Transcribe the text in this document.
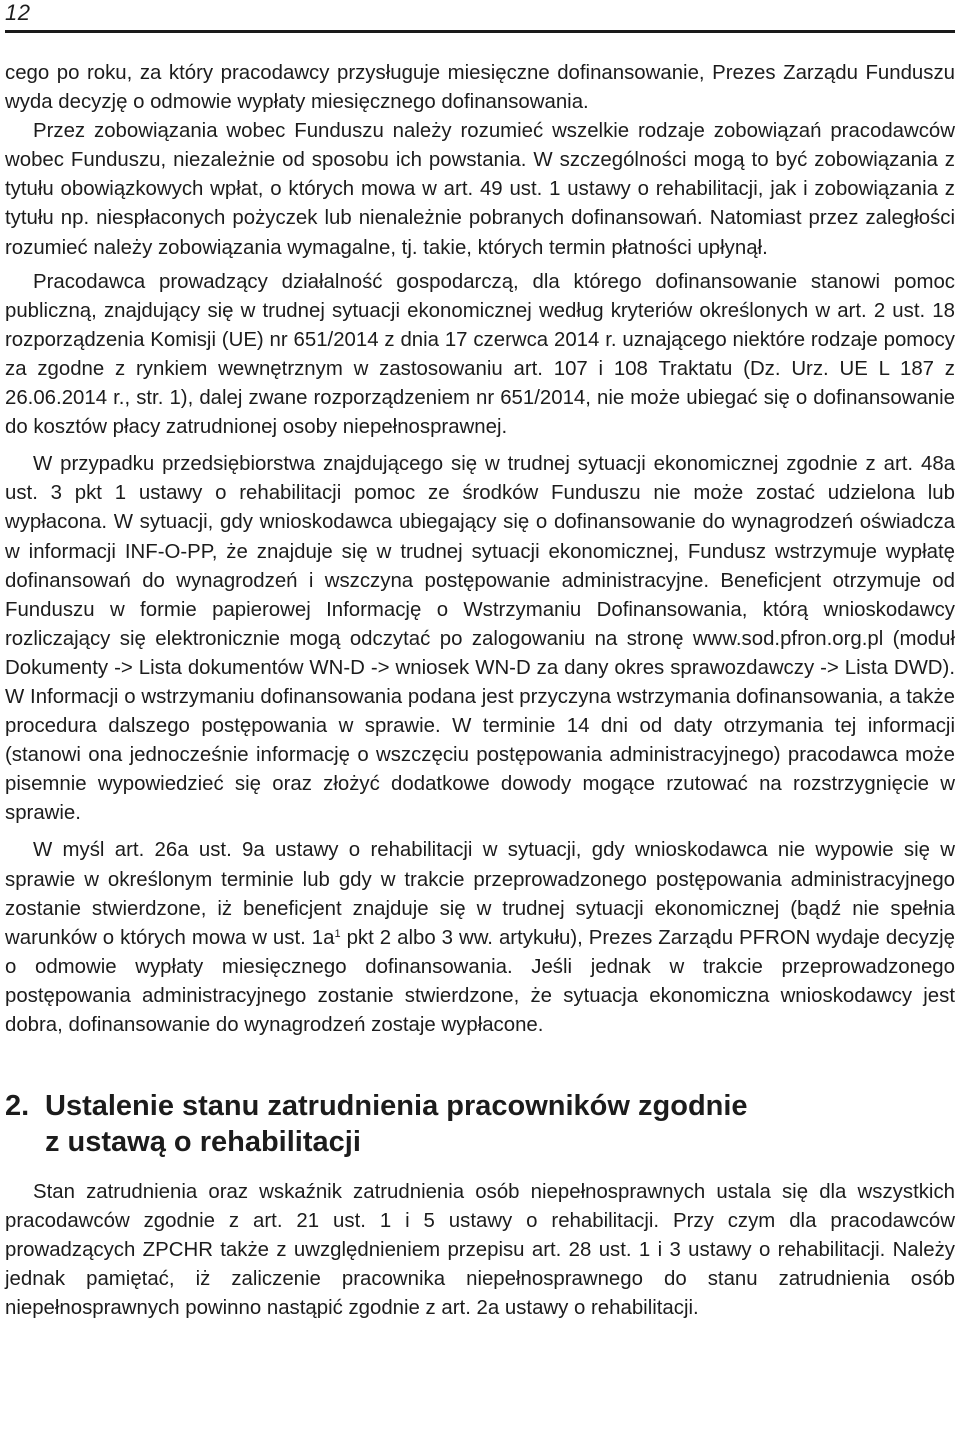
12

cego po roku, za który pracodawcy przysługuje miesięczne dofinansowanie, Prezes Zarządu Funduszu wyda decyzję o odmowie wypłaty miesięcznego dofinansowania.

Przez zobowiązania wobec Funduszu należy rozumieć wszelkie rodzaje zobowiązań pracodawców wobec Funduszu, niezależnie od sposobu ich powstania. W szczególności mogą to być zobowiązania z tytułu obowiązkowych wpłat, o których mowa w art. 49 ust. 1 ustawy o rehabilitacji, jak i zobowiązania z tytułu np. niespłaconych pożyczek lub nienależnie pobranych dofinansowań. Natomiast przez zaległości rozumieć należy zobowiązania wymagalne, tj. takie, których termin płatności upłynął.

Pracodawca prowadzący działalność gospodarczą, dla którego dofinansowanie stanowi pomoc publiczną, znajdujący się w trudnej sytuacji ekonomicznej według kryteriów określonych w art. 2 ust. 18 rozporządzenia Komisji (UE) nr 651/2014 z dnia 17 czerwca 2014 r. uznającego niektóre rodzaje pomocy za zgodne z rynkiem wewnętrznym w zastosowaniu art. 107 i 108 Traktatu (Dz. Urz. UE L 187 z 26.06.2014 r., str. 1), dalej zwane rozporządzeniem nr 651/2014, nie może ubiegać się o dofinansowanie do kosztów płacy zatrudnionej osoby niepełnosprawnej.

W przypadku przedsiębiorstwa znajdującego się w trudnej sytuacji ekonomicznej zgodnie z art. 48a ust. 3 pkt 1 ustawy o rehabilitacji pomoc ze środków Funduszu nie może zostać udzielona lub wypłacona. W sytuacji, gdy wnioskodawca ubiegający się o dofinansowanie do wynagrodzeń oświadcza w informacji INF-O-PP, że znajduje się w trudnej sytuacji ekonomicznej, Fundusz wstrzymuje wypłatę dofinansowań do wynagrodzeń i wszczyna postępowanie administracyjne. Beneficjent otrzymuje od Funduszu w formie papierowej Informację o Wstrzymaniu Dofinansowania, którą wnioskodawcy rozliczający się elektronicznie mogą odczytać po zalogowaniu na stronę www.sod.pfron.org.pl (moduł Dokumenty -> Lista dokumentów WN-D -> wniosek WN-D za dany okres sprawozdawczy -> Lista DWD). W Informacji o wstrzymaniu dofinansowania podana jest przyczyna wstrzymania dofinansowania, a także procedura dalszego postępowania w sprawie. W terminie 14 dni od daty otrzymania tej informacji (stanowi ona jednocześnie informację o wszczęciu postępowania administracyjnego) pracodawca może pisemnie wypowiedzieć się oraz złożyć dodatkowe dowody mogące rzutować na rozstrzygnięcie w sprawie.

W myśl art. 26a ust. 9a ustawy o rehabilitacji w sytuacji, gdy wnioskodawca nie wypowie się w sprawie w określonym terminie lub gdy w trakcie przeprowadzonego postępowania administracyjnego zostanie stwierdzone, iż beneficjent znajduje się w trudnej sytuacji ekonomicznej (bądź nie spełnia warunków o których mowa w ust. $1a^1$ pkt 2 albo 3 ww. artykułu), Prezes Zarządu PFRON wydaje decyzję o odmowie wypłaty miesięcznego dofinansowania. Jeśli jednak w trakcie przeprowadzonego postępowania administracyjnego zostanie stwierdzone, że sytuacja ekonomiczna wnioskodawcy jest dobra, dofinansowanie do wynagrodzeń zostaje wypłacone.

2. Ustalenie stanu zatrudnienia pracowników zgodnie
z ustawą o rehabilitacji

Stan zatrudnienia oraz wskaźnik zatrudnienia osób niepełnosprawnych ustala się dla wszystkich pracodawców zgodnie z art. 21 ust. 1 i 5 ustawy o rehabilitacji. Przy czym dla pracodawców prowadzących ZPCHR także z uwzględnieniem przepisu art. 28 ust. 1 i 3 ustawy o rehabilitacji. Należy jednak pamiętać, iż zaliczenie pracownika niepełnosprawnego do stanu zatrudnienia osób niepełnosprawnych powinno nastąpić zgodnie z art. 2a ustawy o rehabilitacji.
